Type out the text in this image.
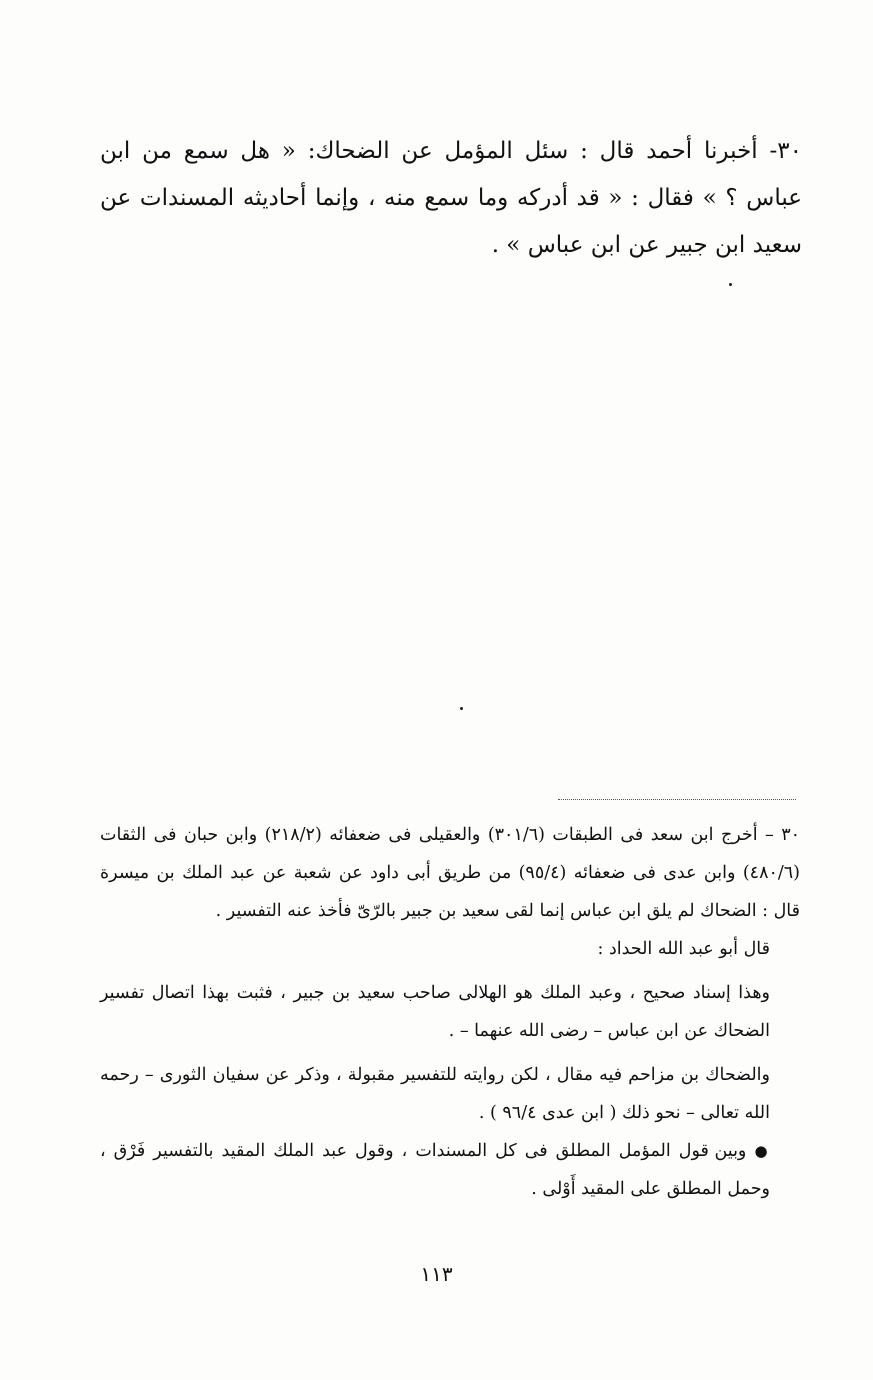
٣٠- أخبرنا أحمد قال : سئل المؤمل عن الضحاك: « هل سمع من ابن عباس ؟ » فقال : « قد أدركه وما سمع منه ، وإنما أحاديثه المسندات عن سعيد ابن جبير عن ابن عباس » .

٣٠ – أخرج ابن سعد فى الطبقات (٣٠١/٦) والعقيلى فى ضعفائه (٢١٨/٢) وابن حبان فى الثقات (٤٨٠/٦) وابن عدى فى ضعفائه (٩٥/٤) من طريق أبى داود عن شعبة عن عبد الملك بن ميسرة قال : الضحاك لم يلق ابن عباس إنما لقى سعيد بن جبير بالرّىّ فأخذ عنه التفسير .

قال أبو عبد الله الحداد :

وهذا إسناد صحيح ، وعبد الملك هو الهلالى صاحب سعيد بن جبير ، فثبت بهذا اتصال تفسير الضحاك عن ابن عباس – رضى الله عنهما – .

والضحاك بن مزاحم فيه مقال ، لكن روايته للتفسير مقبولة ، وذكر عن سفيان الثورى – رحمه الله تعالى – نحو ذلك ( ابن عدى ٩٦/٤ ) .

● وبين قول المؤمل المطلق فى كل المسندات ، وقول عبد الملك المقيد بالتفسير فَرْق ، وحمل المطلق على المقيد أَوْلى .

١١٣
